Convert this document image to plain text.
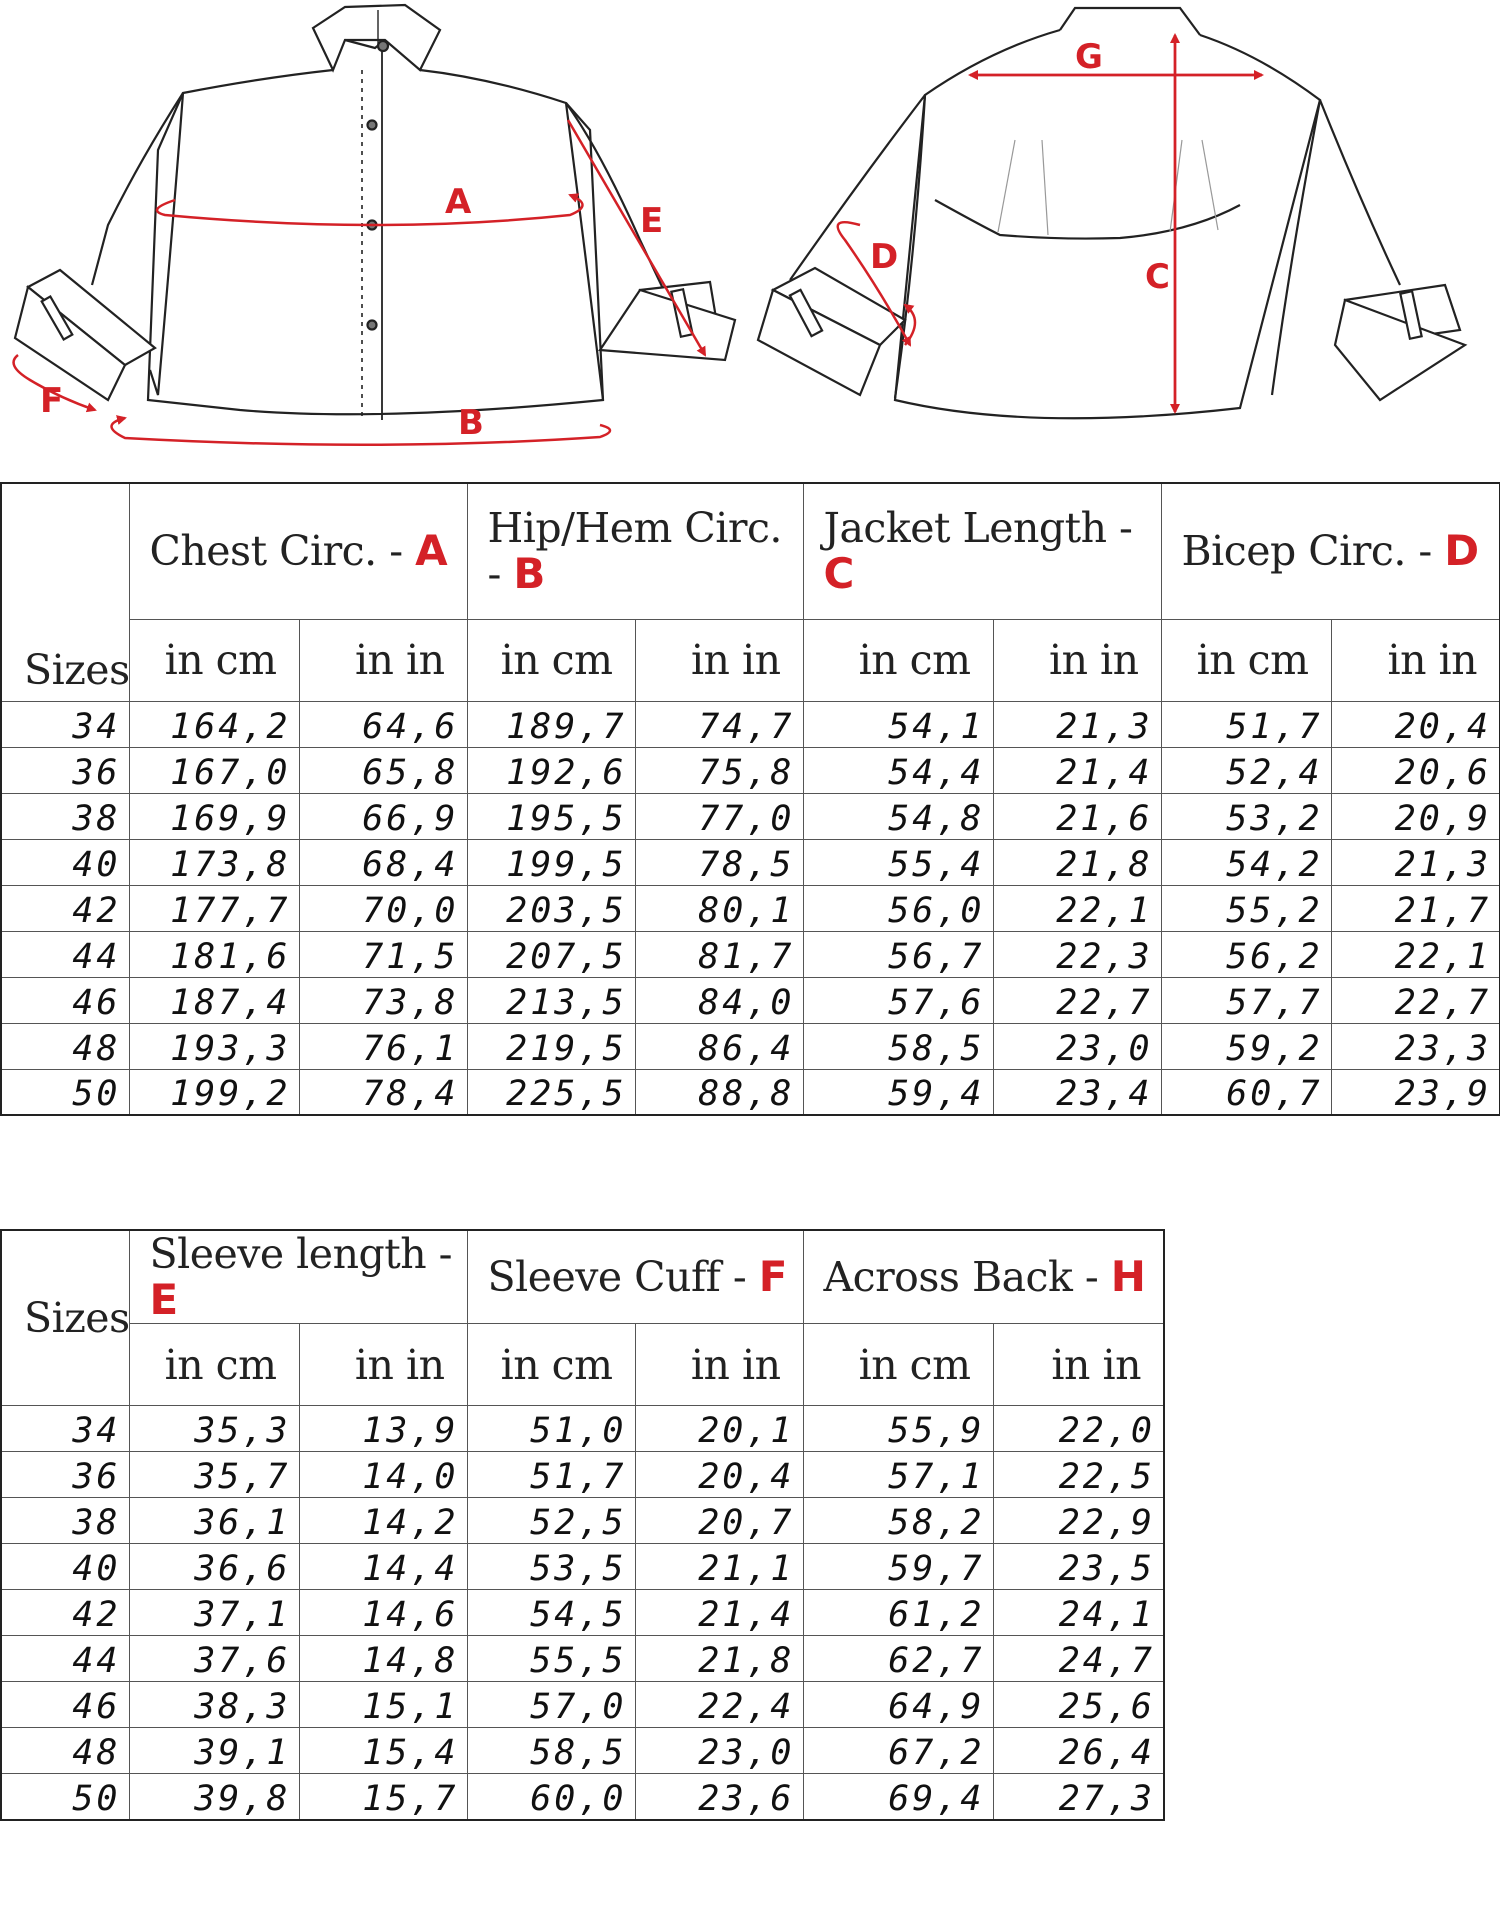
A
B
E
F
G
C
D
Sizes	Chest Circ. - A		Hip/Hem Circ. - B		Jacket Length - C		Bicep Circ. - D	
	in cm	in in	in cm	in in	in cm	in in	in cm	in in
34	164,2	64,6	189,7	74,7	54,1	21,3	51,7	20,4
36	167,0	65,8	192,6	75,8	54,4	21,4	52,4	20,6
38	169,9	66,9	195,5	77,0	54,8	21,6	53,2	20,9
40	173,8	68,4	199,5	78,5	55,4	21,8	54,2	21,3
42	177,7	70,0	203,5	80,1	56,0	22,1	55,2	21,7
44	181,6	71,5	207,5	81,7	56,7	22,3	56,2	22,1
46	187,4	73,8	213,5	84,0	57,6	22,7	57,7	22,7
48	193,3	76,1	219,5	86,4	58,5	23,0	59,2	23,3
50	199,2	78,4	225,5	88,8	59,4	23,4	60,7	23,9
Sizes	Sleeve length - E		Sleeve Cuff - F		Across Back - H	
	in cm	in in	in cm	in in	in cm	in in
34	35,3	13,9	51,0	20,1	55,9	22,0
36	35,7	14,0	51,7	20,4	57,1	22,5
38	36,1	14,2	52,5	20,7	58,2	22,9
40	36,6	14,4	53,5	21,1	59,7	23,5
42	37,1	14,6	54,5	21,4	61,2	24,1
44	37,6	14,8	55,5	21,8	62,7	24,7
46	38,3	15,1	57,0	22,4	64,9	25,6
48	39,1	15,4	58,5	23,0	67,2	26,4
50	39,8	15,7	60,0	23,6	69,4	27,3
